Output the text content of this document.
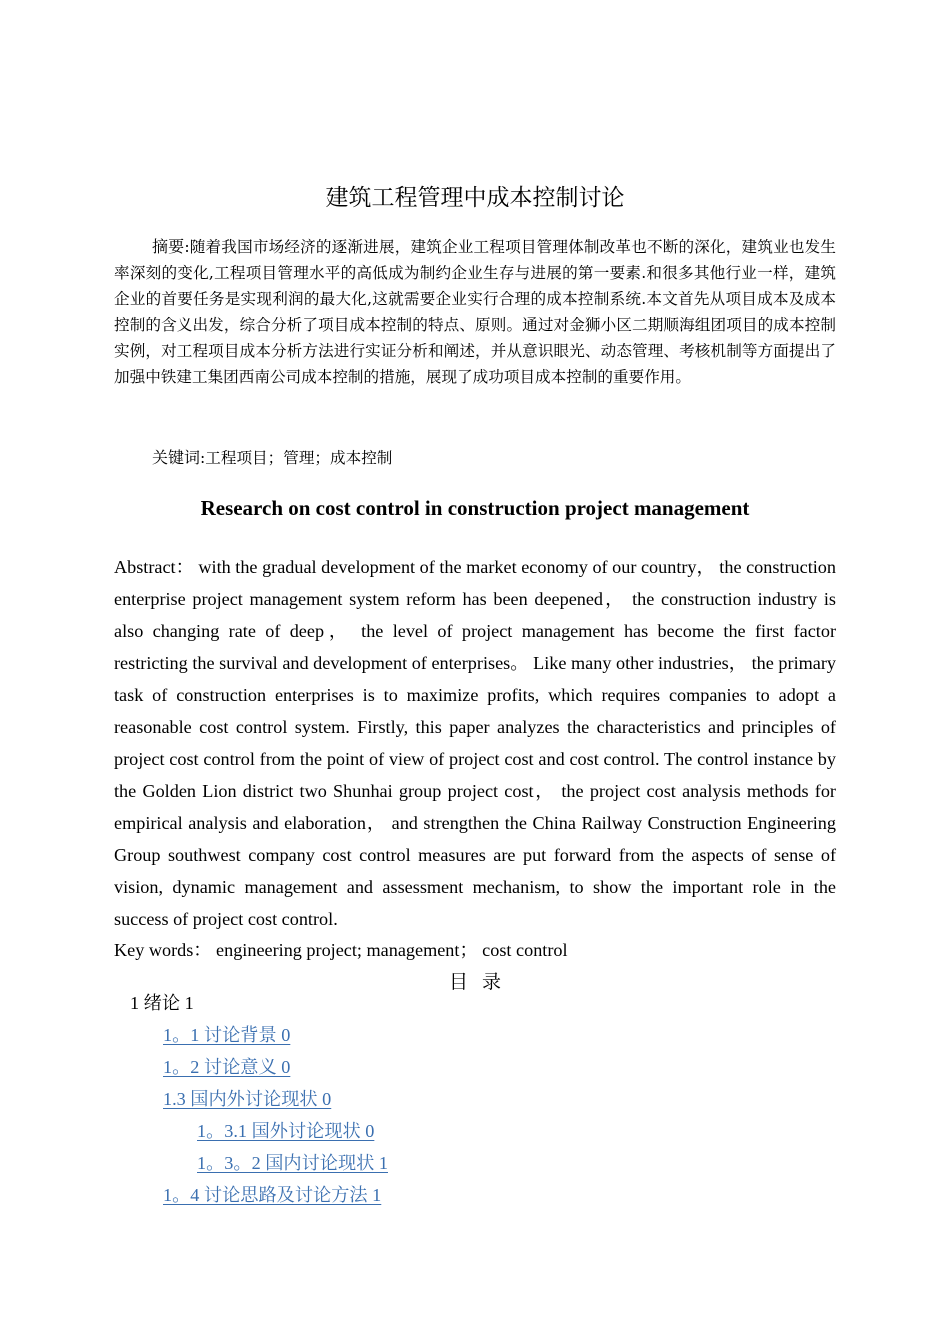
建筑工程管理中成本控制讨论

摘要:随着我国市场经济的逐渐进展，建筑企业工程项目管理体制改革也不断的深化，建筑业也发生率深刻的变化,工程项目管理水平的高低成为制约企业生存与进展的第一要素.和很多其他行业一样，建筑企业的首要任务是实现利润的最大化,这就需要企业实行合理的成本控制系统.本文首先从项目成本及成本控制的含义出发，综合分析了项目成本控制的特点、原则。通过对金狮小区二期顺海组团项目的成本控制实例，对工程项目成本分析方法进行实证分析和阐述，并从意识眼光、动态管理、考核机制等方面提出了加强中铁建工集团西南公司成本控制的措施，展现了成功项目成本控制的重要作用。

关键词:工程项目；管理；成本控制

Research on cost control in construction project management

Abstract： with the gradual development of the market economy of our country， the construction enterprise project management system reform has been deepened， the construction industry is also changing rate of deep， the level of project management has become the first factor restricting the survival and development of enterprises。 Like many other industries， the primary task of construction enterprises is to maximize profits, which requires companies to adopt a reasonable cost control system. Firstly, this paper analyzes the characteristics and principles of project cost control from the point of view of project cost and cost control. The control instance by the Golden Lion district two Shunhai group project cost， the project cost analysis methods for empirical analysis and elaboration， and strengthen the China Railway Construction Engineering Group southwest company cost control measures are put forward from the aspects of sense of vision, dynamic management and assessment mechanism, to show the important role in the success of project cost control.

Key words： engineering project; management； cost control

目录
1 绪论 1
1。1 讨论背景 0
1。2 讨论意义 0
1.3 国内外讨论现状 0
1。3.1 国外讨论现状 0
1。3。2 国内讨论现状 1
1。4 讨论思路及讨论方法 1
